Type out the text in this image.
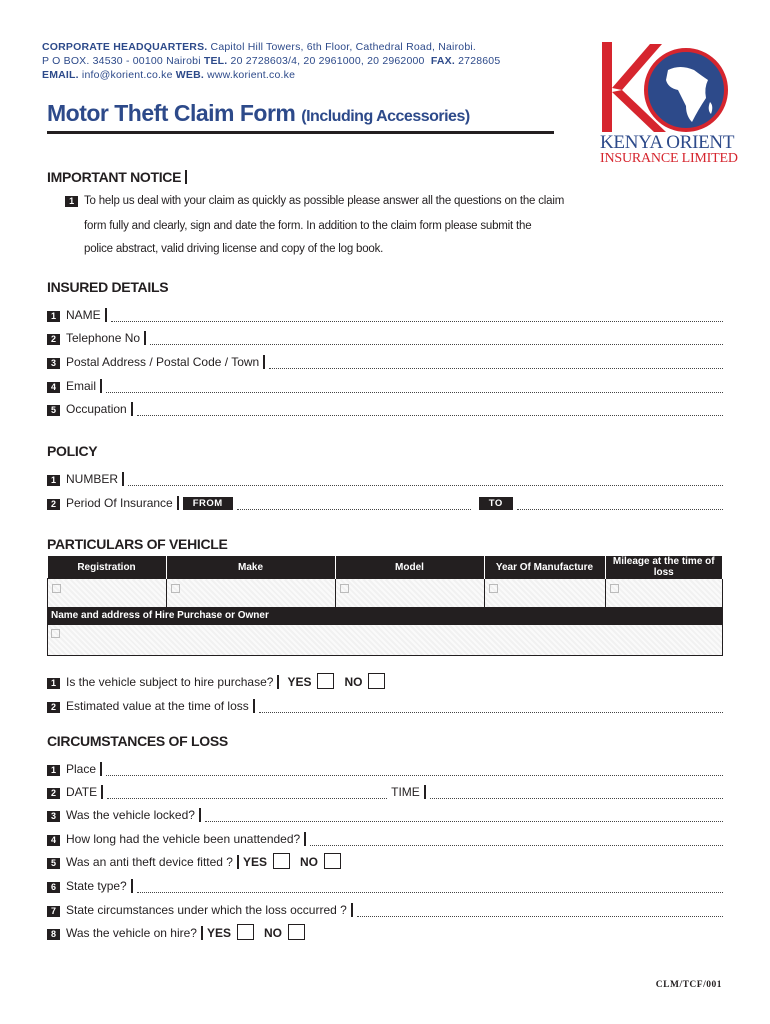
CORPORATE HEADQUARTERS. Capitol Hill Towers, 6th Floor, Cathedral Road, Nairobi.
P O BOX. 34530 - 00100 Nairobi TEL. 20 2728603/4, 20 2961000, 20 2962000 FAX. 2728605
EMAIL. info@korient.co.ke WEB. www.korient.co.ke
KENYA ORIENT
INSURANCE LIMITED
Motor Theft Claim Form (Including Accessories)
IMPORTANT NOTICE
1 To help us deal with your claim as quickly as possible please answer all the questions on the claim
form fully and clearly, sign and date the form. In addition to the claim form please submit the
police abstract, valid driving license and copy of the log book.
INSURED DETAILS
1 NAME
2 Telephone No
3 Postal Address / Postal Code / Town
4 Email
5 Occupation
POLICY
1 NUMBER
2 Period Of Insurance	FROM	TO
PARTICULARS OF VEHICLE
Registration	Make	Model	Year Of Manufacture	Mileage at the time of loss

Name and address of Hire Purchase or Owner
1 Is the vehicle subject to hire purchase? YES	NO
2 Estimated value at the time of loss
CIRCUMSTANCES OF LOSS
1 Place
2 DATE	TIME
3 Was the vehicle locked?
4 How long had the vehicle been unattended?
5 Was an anti theft device fitted ? YES	NO
6 State type?
7 State circumstances under which the loss occurred ?
8 Was the vehicle on hire? YES	NO
CLM/TCF/001
